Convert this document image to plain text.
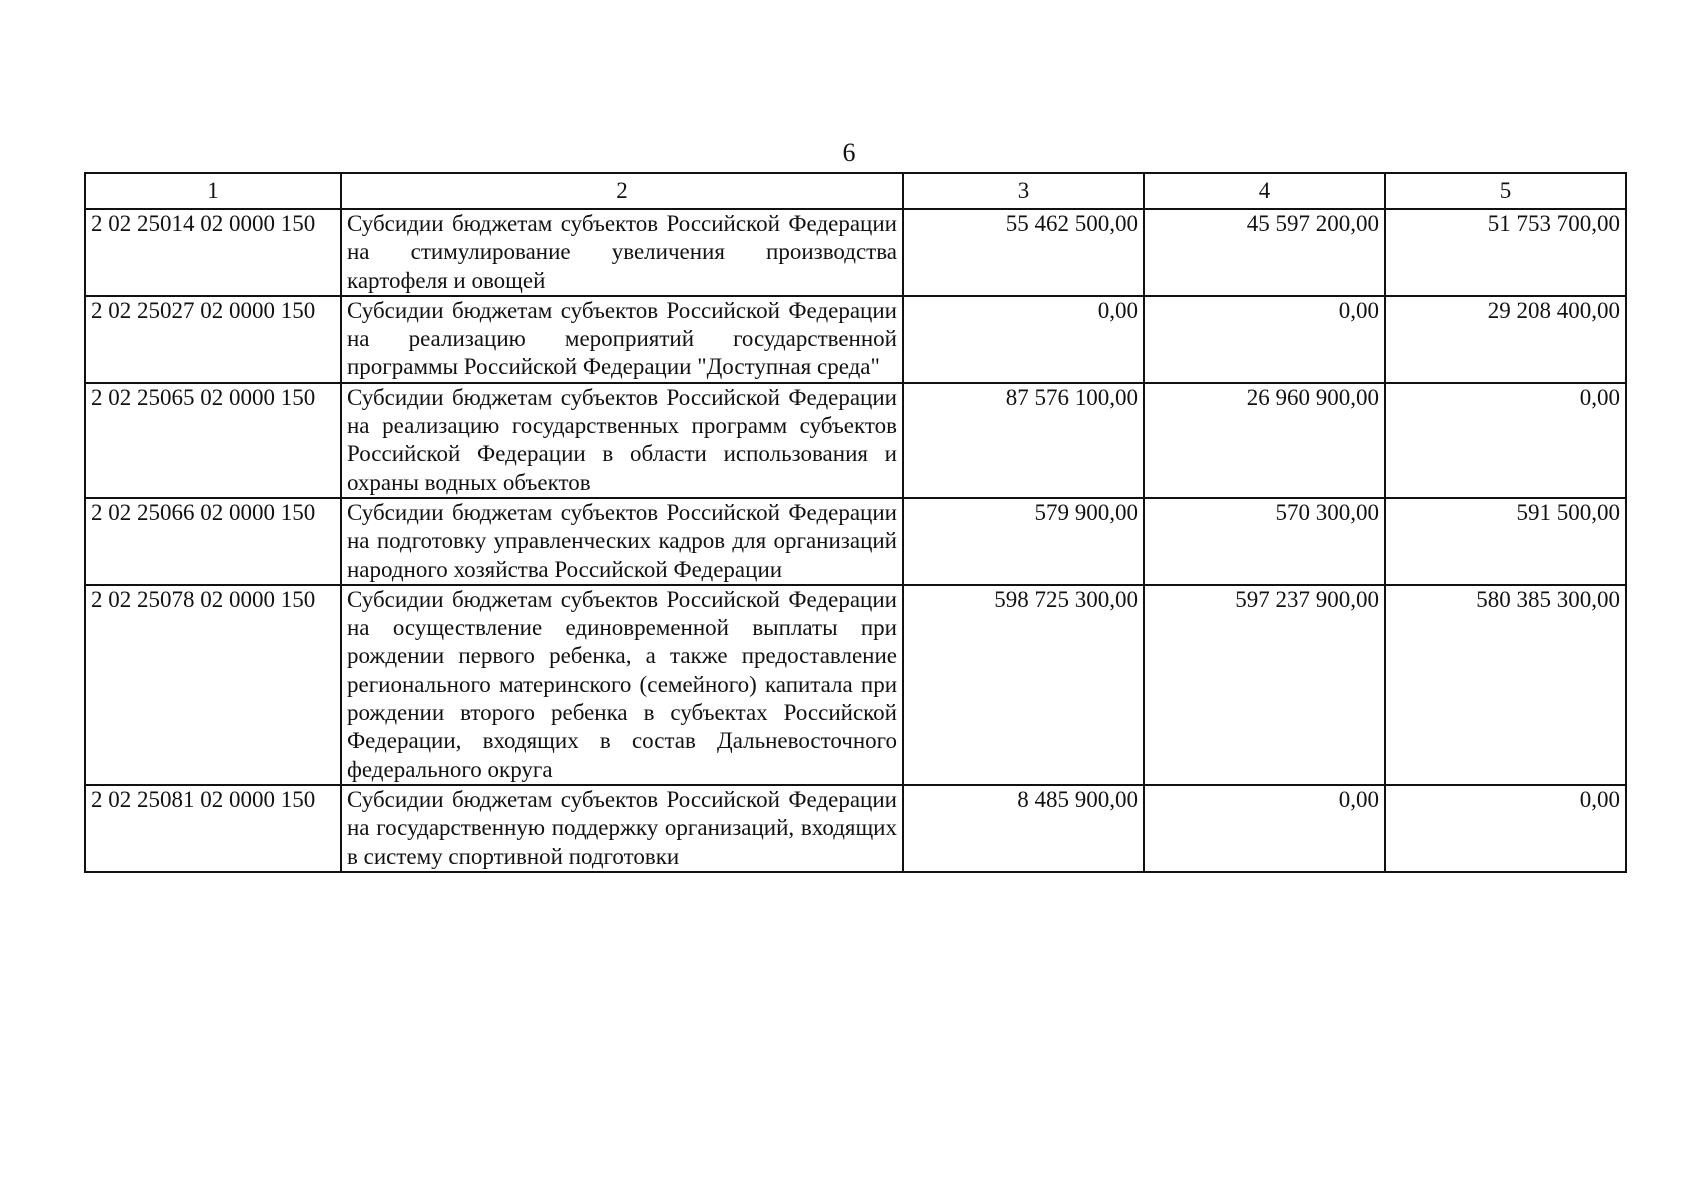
6
1	2	3	4	5
2 02 25014 02 0000 150	Субсидии бюджетам субъектов Российской Федерации на стимулирование увеличения производства картофеля и овощей	55 462 500,00	45 597 200,00	51 753 700,00
2 02 25027 02 0000 150	Субсидии бюджетам субъектов Российской Федерации на реализацию мероприятий государственной программы Российской Федерации "Доступная среда"	0,00	0,00	29 208 400,00
2 02 25065 02 0000 150	Субсидии бюджетам субъектов Российской Федерации на реализацию государственных программ субъектов Российской Федерации в области использования и охраны водных объектов	87 576 100,00	26 960 900,00	0,00
2 02 25066 02 0000 150	Субсидии бюджетам субъектов Российской Федерации на подготовку управленческих кадров для организаций народного хозяйства Российской Федерации	579 900,00	570 300,00	591 500,00
2 02 25078 02 0000 150	Субсидии бюджетам субъектов Российской Федерации на осуществление единовременной выплаты при рождении первого ребенка, а также предоставление регионального материнского (семейного) капитала при рождении второго ребенка в субъектах Российской Федерации, входящих в состав Дальневосточного федерального округа	598 725 300,00	597 237 900,00	580 385 300,00
2 02 25081 02 0000 150	Субсидии бюджетам субъектов Российской Федерации на государственную поддержку организаций, входящих в систему спортивной подготовки	8 485 900,00	0,00	0,00
